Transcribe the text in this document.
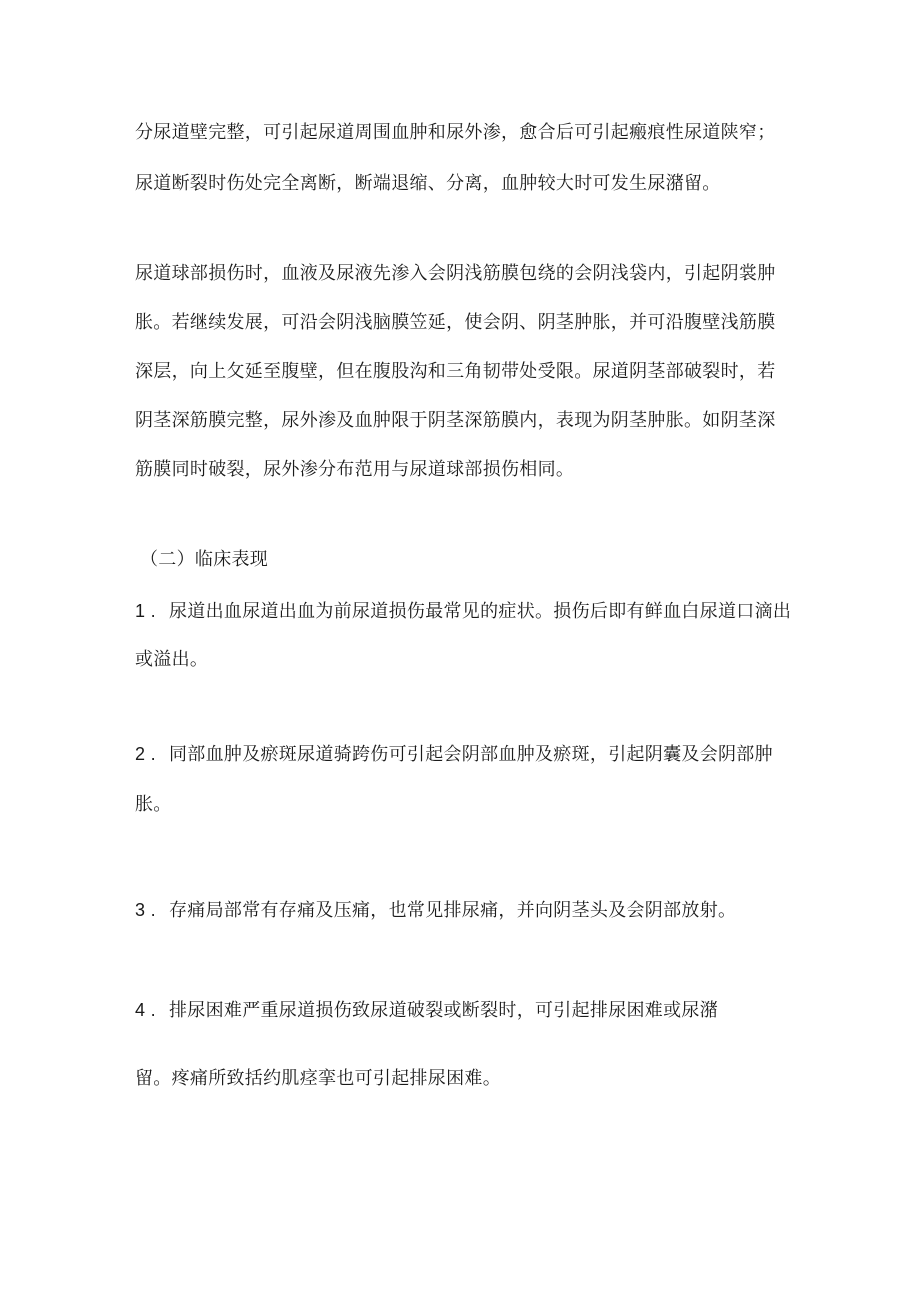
分尿道壁完整，可引起尿道周围血肿和尿外渗，愈合后可引起瘢痕性尿道陕窄；
尿道断裂时伤处完全离断，断端退缩、分离，血肿较大时可发生尿潴留。
尿道球部损伤时，血液及尿液先渗入会阴浅筋膜包绕的会阴浅袋内，引起阴裳肿
胀。若继续发展，可沿会阴浅脑膜笠延，使会阴、阴茎肿胀，并可沿腹壁浅筋膜
深层，向上攵延至腹壁，但在腹股沟和三角韧带处受限。尿道阴茎部破裂时，若
阴茎深筋膜完整，尿外渗及血肿限于阴茎深筋膜内，表现为阴茎肿胀。如阴茎深
筋膜同时破裂，尿外渗分布范用与尿道球部损伤相同。
（二）临床表现
1 . 尿道出血尿道出血为前尿道损伤最常见的症状。损伤后即有鲜血白尿道口滴出
或溢出。
2 . 同部血肿及瘀斑尿道骑跨伤可引起会阴部血肿及瘀斑，引起阴囊及会阴部肿
胀。
3 . 存痛局部常有存痛及压痛，也常见排尿痛，并向阴茎头及会阴部放射。
4 . 排尿困难严重尿道损伤致尿道破裂或断裂时，可引起排尿困难或尿潴
留。疼痛所致括约肌痉挛也可引起排尿困难。
